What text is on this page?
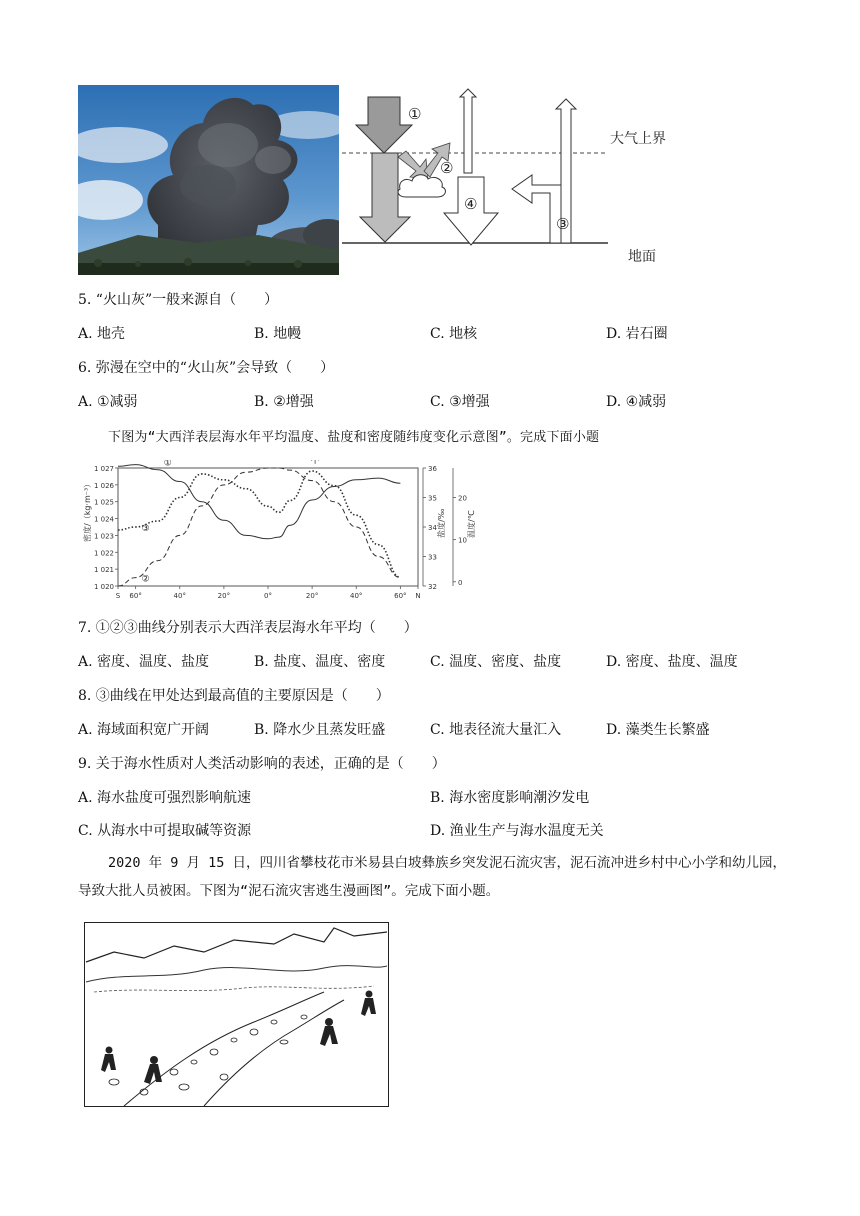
①
②
④
③
大气上界
地面
5. “火山灰”一般来源自（　　）
A. 地壳	B. 地幔	C. 地核	D. 岩石圈
6. 弥漫在空中的“火山灰”会导致（　　）
A. ①减弱	B. ②增强	C. ③增强	D. ④减弱
下图为“大西洋表层海水年平均温度、盐度和密度随纬度变化示意图”。完成下面小题
1 027
1 026
1 025
1 024
1 023
1 022
1 021
1 020
36
35
34
33
32
20
10
0
S 60°	40°	20°	0°	20°	40°	60° N
①
②
③
密度/（kg·m⁻³）	盐度/‰	温度/℃
甲
7. ①②③曲线分别表示大西洋表层海水年平均（　　）
A. 密度、温度、盐度	B. 盐度、温度、密度	C. 温度、密度、盐度	D. 密度、盐度、温度
8. ③曲线在甲处达到最高值的主要原因是（　　）
A. 海域面积宽广开阔	B. 降水少且蒸发旺盛	C. 地表径流大量汇入	D. 藻类生长繁盛
9. 关于海水性质对人类活动影响的表述，正确的是（　　）
A. 海水盐度可强烈影响航速	B. 海水密度影响潮汐发电
C. 从海水中可提取碱等资源	D. 渔业生产与海水温度无关
2020 年 9 月 15 日，四川省攀枝花市米易县白坡彝族乡突发泥石流灾害，泥石流冲进乡村中心小学和幼儿园，导致大批人员被困。下图为“泥石流灾害逃生漫画图”。完成下面小题。
